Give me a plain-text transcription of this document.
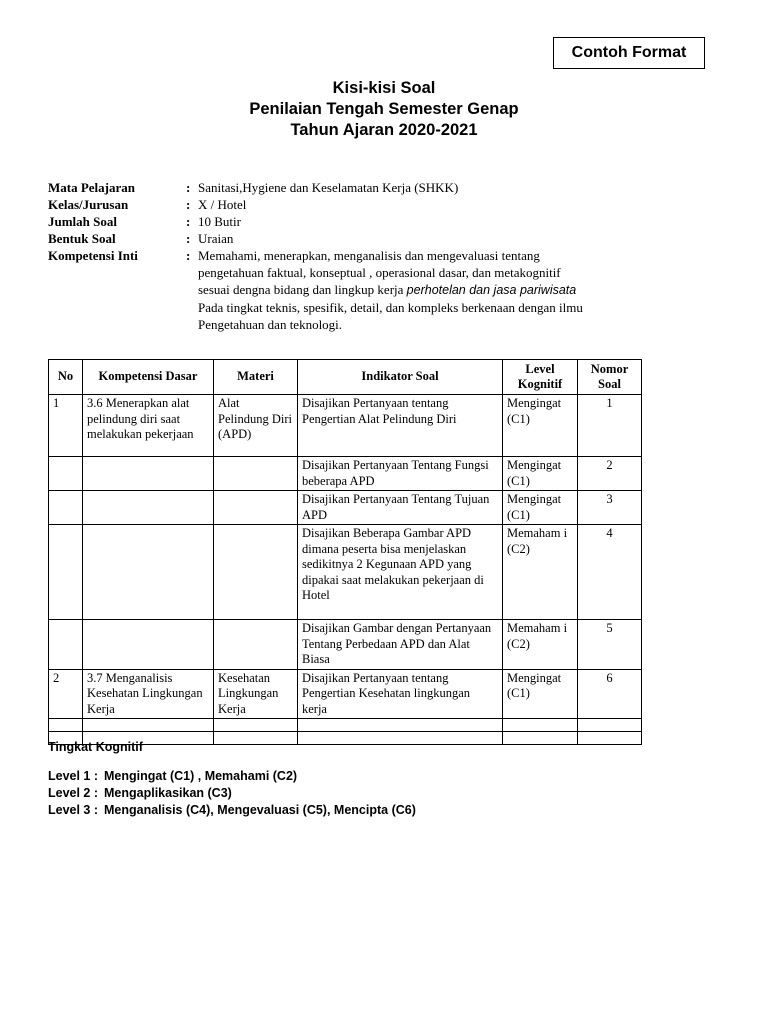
Contoh Format
Kisi-kisi Soal
Penilaian Tengah Semester Genap
Tahun Ajaran 2020-2021
Mata Pelajaran	: Sanitasi,Hygiene dan Keselamatan Kerja (SHKK)
Kelas/Jurusan	: X / Hotel
Jumlah Soal	: 10 Butir
Bentuk Soal	: Uraian
Kompetensi Inti	: Memahami, menerapkan, menganalisis dan mengevaluasi tentang
pengetahuan faktual, konseptual , operasional dasar, dan metakognitif
sesuai dengna bidang dan lingkup kerja perhotelan dan jasa pariwisata
Pada tingkat teknis, spesifik, detail, dan kompleks berkenaan dengan ilmu
Pengetahuan dan teknologi.
No	Kompetensi Dasar	Materi	Indikator Soal	Level Kognitif	Nomor Soal
1	3.6 Menerapkan alat pelindung diri saat melakukan pekerjaan	Alat Pelindung Diri (APD)	Disajikan Pertanyaan tentang Pengertian Alat Pelindung Diri	Mengingat (C1)	1
			Disajikan Pertanyaan Tentang Fungsi beberapa APD	Mengingat (C1)	2
			Disajikan Pertanyaan Tentang Tujuan APD	Mengingat (C1)	3
			Disajikan Beberapa Gambar APD dimana peserta bisa menjelaskan sedikitnya 2 Kegunaan APD yang dipakai saat melakukan pekerjaan di Hotel	Memaham i (C2)	4
			Disajikan Gambar dengan Pertanyaan Tentang Perbedaan APD dan Alat Biasa	Memaham i (C2)	5
2	3.7 Menganalisis Kesehatan Lingkungan Kerja	Kesehatan Lingkungan Kerja	Disajikan Pertanyaan tentang Pengertian Kesehatan lingkungan kerja	Mengingat (C1)	6

Tingkat Kognitif
Level 1 : Mengingat (C1) , Memahami (C2)
Level 2 : Mengaplikasikan (C3)
Level 3 : Menganalisis (C4), Mengevaluasi (C5), Mencipta (C6)
